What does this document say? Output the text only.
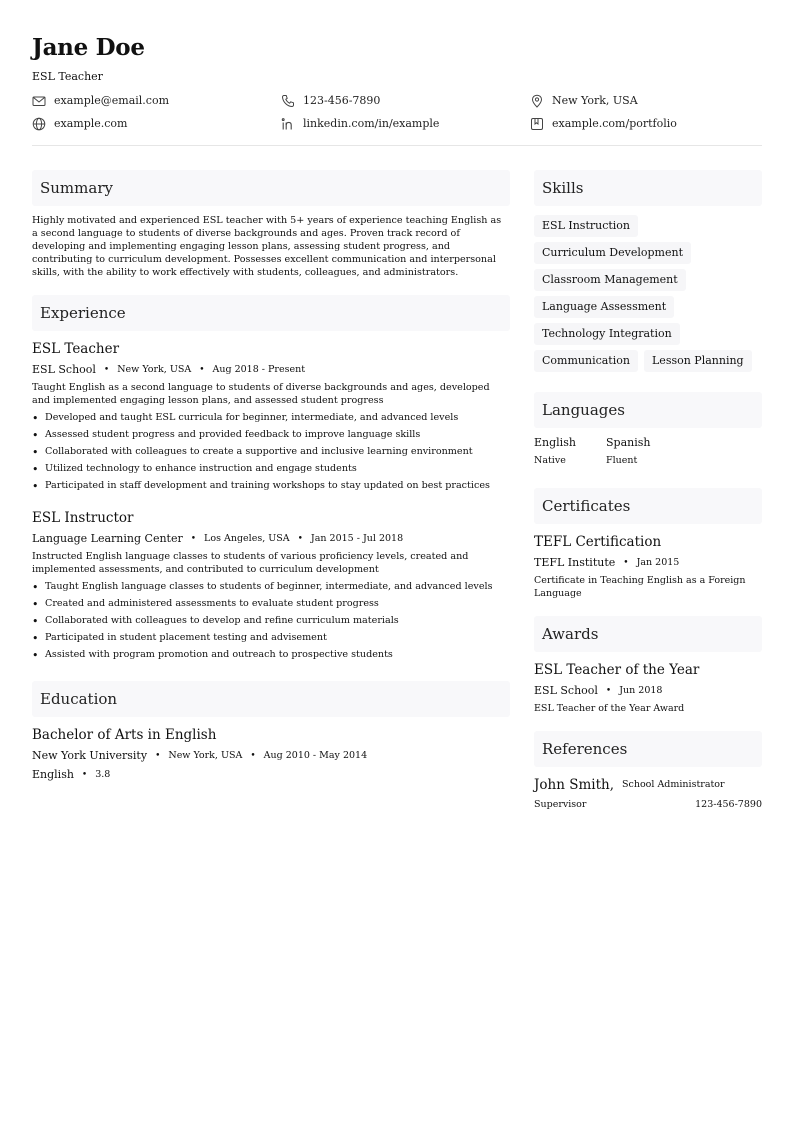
Jane Doe
ESL Teacher
example@email.com	123-456-7890	New York, USA
example.com	linkedin.com/in/example	example.com/portfolio
Summary
Highly motivated and experienced ESL teacher with 5+ years of experience teaching English as a second language to students of diverse backgrounds and ages. Proven track record of developing and implementing engaging lesson plans, assessing student progress, and contributing to curriculum development. Possesses excellent communication and interpersonal skills, with the ability to work effectively with students, colleagues, and administrators.
Experience
ESL Teacher
ESL School • New York, USA • Aug 2018 - Present
Taught English as a second language to students of diverse backgrounds and ages, developed and implemented engaging lesson plans, and assessed student progress
• Developed and taught ESL curricula for beginner, intermediate, and advanced levels
• Assessed student progress and provided feedback to improve language skills
• Collaborated with colleagues to create a supportive and inclusive learning environment
• Utilized technology to enhance instruction and engage students
• Participated in staff development and training workshops to stay updated on best practices
ESL Instructor
Language Learning Center • Los Angeles, USA • Jan 2015 - Jul 2018
Instructed English language classes to students of various proficiency levels, created and implemented assessments, and contributed to curriculum development
• Taught English language classes to students of beginner, intermediate, and advanced levels
• Created and administered assessments to evaluate student progress
• Collaborated with colleagues to develop and refine curriculum materials
• Participated in student placement testing and advisement
• Assisted with program promotion and outreach to prospective students
Education
Bachelor of Arts in English
New York University • New York, USA • Aug 2010 - May 2014
English • 3.8
Skills
ESL Instruction
Curriculum Development
Classroom Management
Language Assessment
Technology Integration
Communication	Lesson Planning
Languages
English
Native
Spanish
Fluent
Certificates
TEFL Certification
TEFL Institute • Jan 2015
Certificate in Teaching English as a Foreign Language
Awards
ESL Teacher of the Year
ESL School • Jun 2018
ESL Teacher of the Year Award
References
John Smith, School Administrator
Supervisor	123-456-7890
